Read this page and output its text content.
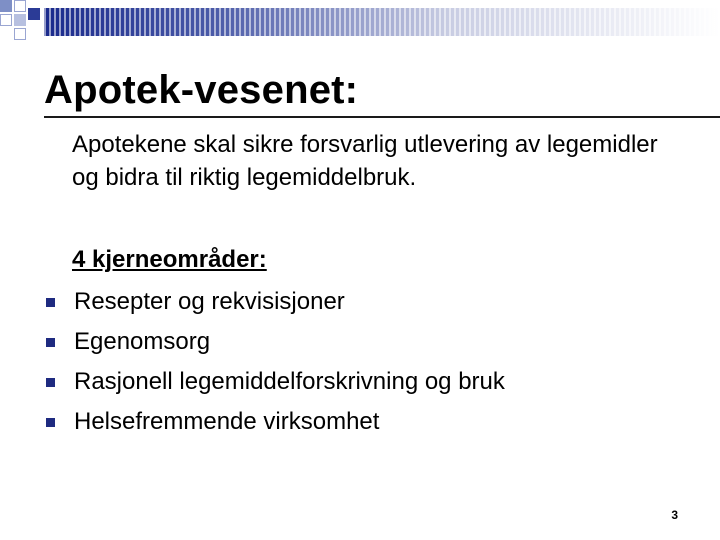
Apotek-vesenet:

Apotekene skal sikre forsvarlig utlevering av legemidler og bidra til riktig legemiddelbruk.

4 kjerneområder:

Resepter og rekvisisjoner
Egenomsorg
Rasjonell legemiddelforskrivning og bruk
Helsefremmende virksomhet
3
